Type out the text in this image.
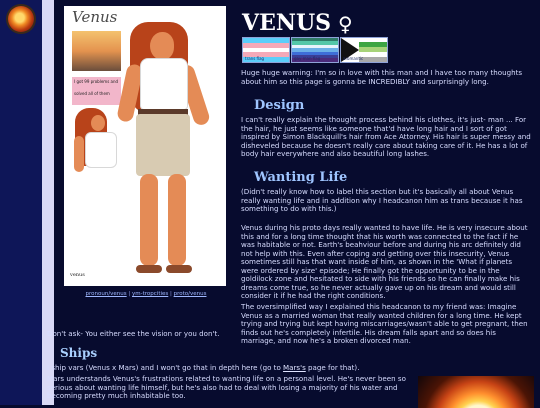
Venus
I got 99 problems and
solved all of them
venus
pronoun/venus | ym-tropcities | proto/venus
VENUS ♀
trans flag	gay man flag	aromantic
Huge huge warning: I'm so in love with this man and I have too many thoughts about him so this page is gonna be INCREDIBLY and surprisingly long.
Design
I can't really explain the thought process behind his clothes, it's just- man ... For the hair, he just seems like someone that'd have long hair and I sort of got inspired by Simon Blackquill's hair from Ace Attorney. His hair is super messy and disheveled because he doesn't really care about taking care of it. He has a lot of body hair everywhere and also beautiful long lashes.
Wanting Life
(Didn't really know how to label this section but it's basically all about Venus really wanting life and in addition why I headcanon him as trans because it has something to do with this.)
Venus during his proto days really wanted to have life. He is very insecure about this and for a long time thought that his worth was connected to the fact if he was habitable or not. Earth's beahviour before and during his arc definitely did not help with this. Even after coping and getting over this insecurity, Venus sometimes still has that want inside of him, as shown in the 'What if planets were ordered by size' episode; He finally got the opportunity to be in the goldilock zone and hesitated to side with his friends so he can finally make his dreams come true, so he never actually gave up on his dream and would still consider it if he had the right conditions.
The oversimplified way I explained this headcanon to my friend was: Imagine Venus as a married woman that really wanted children for a long time. He kept trying and trying but kept having miscarriages/wasn't able to get pregnant, then finds out he's completely infertile. His dream falls apart and so does his marriage, and now he's a broken divorced man.
Don't ask- You either see the vision or you don't.
Ships
I ship vars (Venus x Mars) and I won't go that in depth here (go to Mars's page for that).
Mars understands Venus's frustrations related to wanting life on a personal level. He's never been so serious about wanting life himself, but he's also had to deal with losing a majority of his water and becoming pretty much inhabitable too.
